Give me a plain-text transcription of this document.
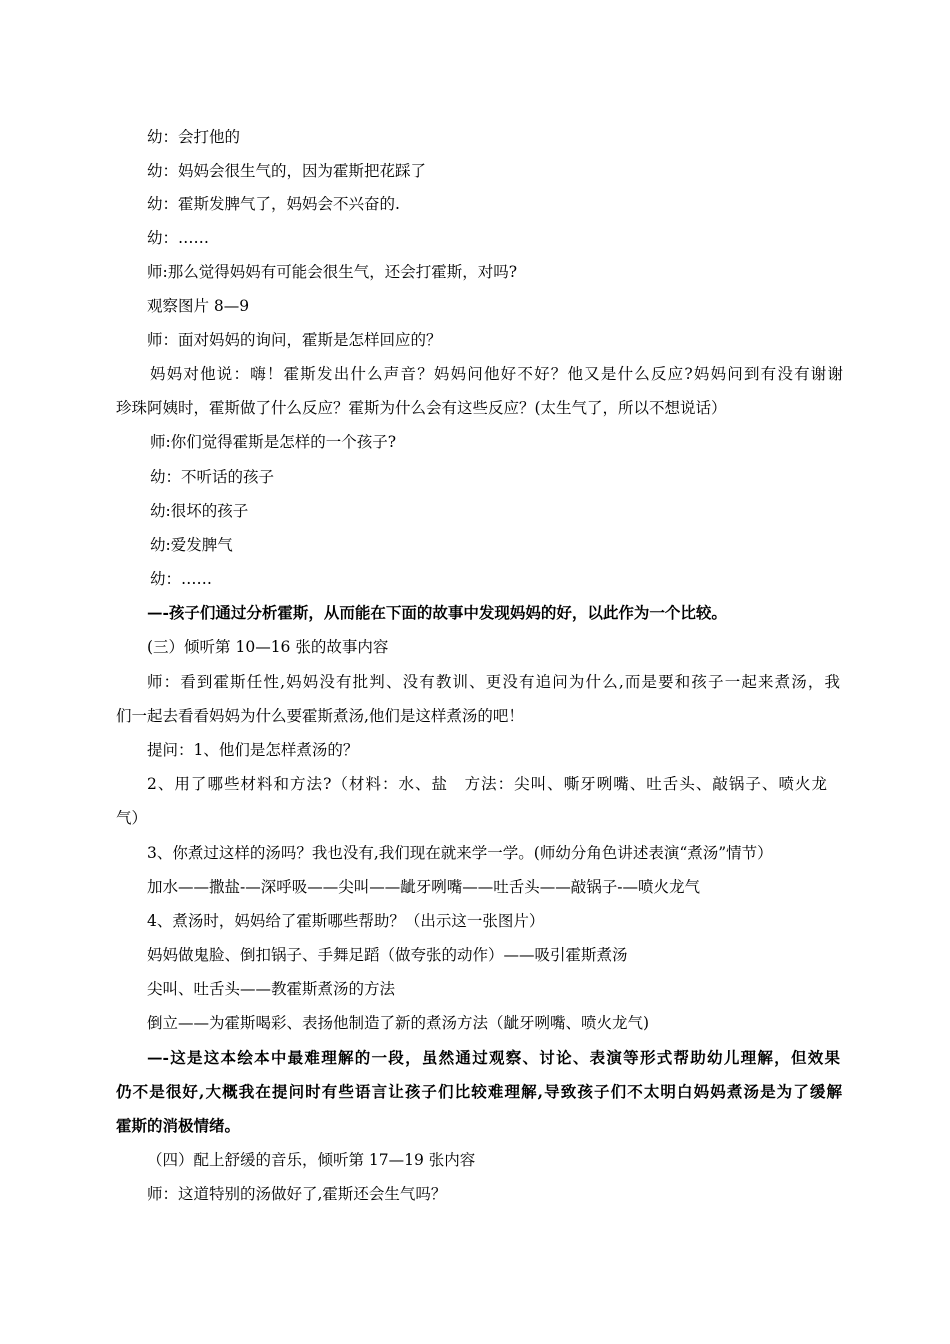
幼：会打他的
幼：妈妈会很生气的，因为霍斯把花踩了
幼：霍斯发脾气了，妈妈会不兴奋的.
幼：……
师:那么觉得妈妈有可能会很生气，还会打霍斯，对吗?
观察图片 8—9
师：面对妈妈的询问，霍斯是怎样回应的？
妈妈对他说：嗨！霍斯发出什么声音？妈妈问他好不好？他又是什么反应?妈妈问到有没有谢谢
珍珠阿姨时，霍斯做了什么反应？霍斯为什么会有这些反应？(太生气了，所以不想说话）
师:你们觉得霍斯是怎样的一个孩子?
幼：不听话的孩子
幼:很坏的孩子
幼:爱发脾气
幼：……
—-孩子们通过分析霍斯，从而能在下面的故事中发现妈妈的好，以此作为一个比较。
(三）倾听第 10—16 张的故事内容
师：看到霍斯任性,妈妈没有批判、没有教训、更没有追问为什么,而是要和孩子一起来煮汤，我
们一起去看看妈妈为什么要霍斯煮汤,他们是这样煮汤的吧！
提问：1、他们是怎样煮汤的？
2、用了哪些材料和方法?（材料：水、盐　方法：尖叫、嘶牙咧嘴、吐舌头、敲锅子、喷火龙
气）
3、你煮过这样的汤吗？我也没有,我们现在就来学一学。(师幼分角色讲述表演“煮汤”情节）
加水——撒盐-—深呼吸——尖叫——龇牙咧嘴——吐舌头——敲锅子-—喷火龙气
4、煮汤时，妈妈给了霍斯哪些帮助？（出示这一张图片）
妈妈做鬼脸、倒扣锅子、手舞足蹈（做夸张的动作）——吸引霍斯煮汤
尖叫、吐舌头——教霍斯煮汤的方法
倒立——为霍斯喝彩、表扬他制造了新的煮汤方法（龇牙咧嘴、喷火龙气)
—-这是这本绘本中最难理解的一段，虽然通过观察、讨论、表演等形式帮助幼儿理解，但效果
仍不是很好,大概我在提问时有些语言让孩子们比较难理解,导致孩子们不太明白妈妈煮汤是为了缓解
霍斯的消极情绪。
（四）配上舒缓的音乐，倾听第 17—19 张内容
师：这道特别的汤做好了,霍斯还会生气吗？
